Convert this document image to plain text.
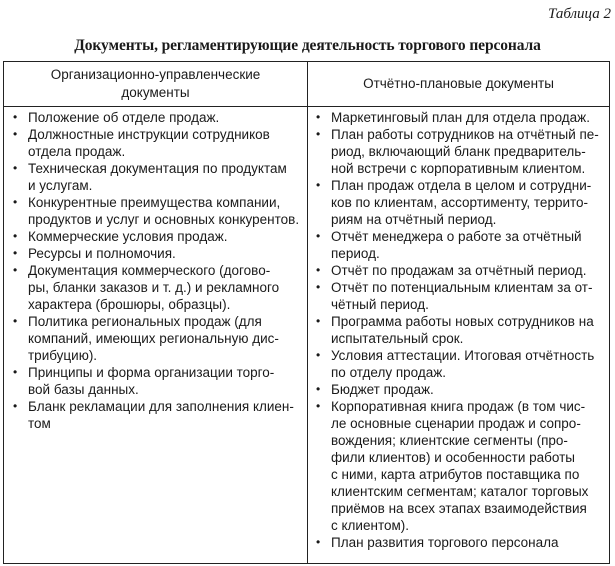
Таблица 2
Документы, регламентирующие деятельность торгового персонала
Организационно-управленческие
документы
Отчётно-плановые документы
• Положение об отделе продаж.
• Должностные инструкции сотрудников
отдела продаж.
• Техническая документация по продуктам
и услугам.
• Конкурентные преимущества компании,
продуктов и услуг и основных конкурентов.
• Коммерческие условия продаж.
• Ресурсы и полномочия.
• Документация коммерческого (догово-
ры, бланки заказов и т. д.) и рекламного
характера (брошюры, образцы).
• Политика региональных продаж (для
компаний, имеющих региональную дис-
трибуцию).
• Принципы и форма организации торго-
вой базы данных.
• Бланк рекламации для заполнения клиен-
том
• Маркетинговый план для отдела продаж.
• План работы сотрудников на отчётный пе-
риод, включающий бланк предваритель-
ной встречи с корпоративным клиентом.
• План продаж отдела в целом и сотрудни-
ков по клиентам, ассортименту, террито-
риям на отчётный период.
• Отчёт менеджера о работе за отчётный
период.
• Отчёт по продажам за отчётный период.
• Отчёт по потенциальным клиентам за от-
чётный период.
• Программа работы новых сотрудников на
испытательный срок.
• Условия аттестации. Итоговая отчётность
по отделу продаж.
• Бюджет продаж.
• Корпоративная книга продаж (в том чис-
ле основные сценарии продаж и сопро-
вождения; клиентские сегменты (про-
фили клиентов) и особенности работы
с ними, карта атрибутов поставщика по
клиентским сегментам; каталог торговых
приёмов на всех этапах взаимодействия
с клиентом).
• План развития торгового персонала
